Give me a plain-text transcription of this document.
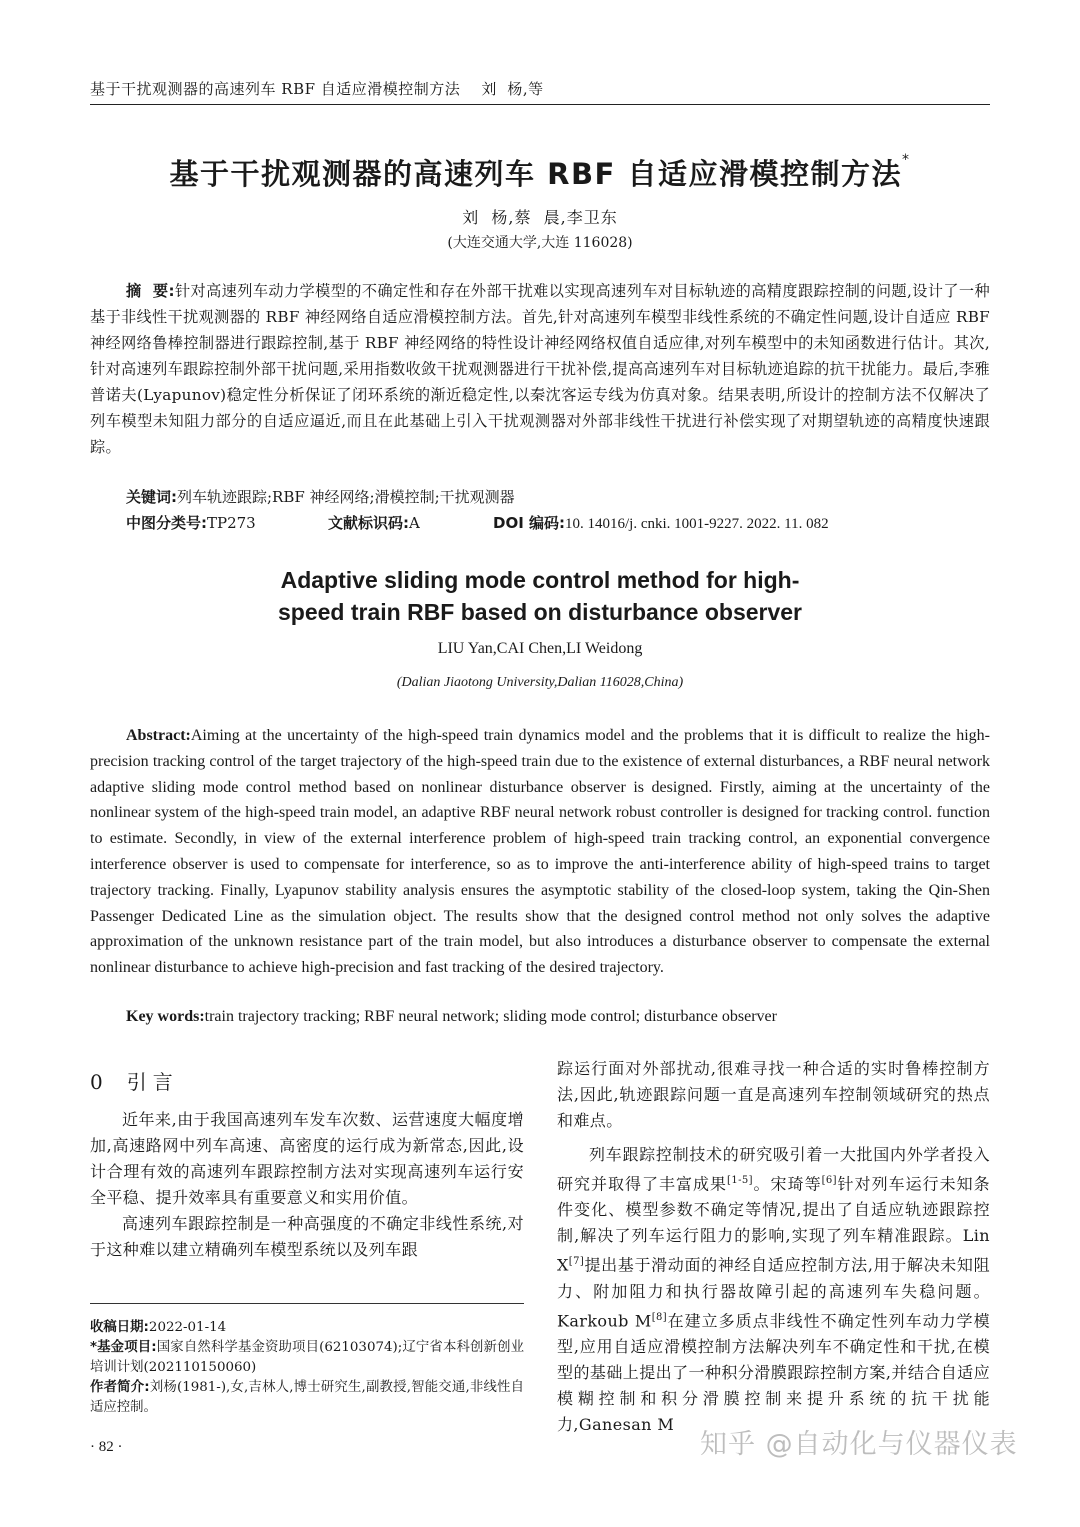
基于干扰观测器的高速列车 RBF 自适应滑模控制方法    刘  杨,等
基于干扰观测器的高速列车 RBF 自适应滑模控制方法*
刘  杨,蔡  晨,李卫东
(大连交通大学,大连 116028)
摘  要:针对高速列车动力学模型的不确定性和存在外部干扰难以实现高速列车对目标轨迹的高精度跟踪控制的问题,设计了一种基于非线性干扰观测器的 RBF 神经网络自适应滑模控制方法。首先,针对高速列车模型非线性系统的不确定性问题,设计自适应 RBF 神经网络鲁棒控制器进行跟踪控制,基于 RBF 神经网络的特性设计神经网络权值自适应律,对列车模型中的未知函数进行估计。其次,针对高速列车跟踪控制外部干扰问题,采用指数收敛干扰观测器进行干扰补偿,提高高速列车对目标轨迹追踪的抗干扰能力。最后,李雅普诺夫(Lyapunov)稳定性分析保证了闭环系统的渐近稳定性,以秦沈客运专线为仿真对象。结果表明,所设计的控制方法不仅解决了列车模型未知阻力部分的自适应逼近,而且在此基础上引入干扰观测器对外部非线性干扰进行补偿实现了对期望轨迹的高精度快速跟踪。
关键词:列车轨迹跟踪;RBF 神经网络;滑模控制;干扰观测器
中图分类号:TP273	文献标识码:A	DOI 编码:10. 14016/j. cnki. 1001-9227. 2022. 11. 082
Adaptive sliding mode control method for high-speed train RBF based on disturbance observer
LIU Yan,CAI Chen,LI Weidong
(Dalian Jiaotong University,Dalian 116028,China)
Abstract:Aiming at the uncertainty of the high-speed train dynamics model and the problems that it is difficult to realize the high-precision tracking control of the target trajectory of the high-speed train due to the existence of external disturbances, a RBF neural network adaptive sliding mode control method based on nonlinear disturbance observer is designed. Firstly, aiming at the uncertainty of the nonlinear system of the high-speed train model, an adaptive RBF neural network robust controller is designed for tracking control. function to estimate. Secondly, in view of the external interference problem of high-speed train tracking control, an exponential convergence interference observer is used to compensate for interference, so as to improve the anti-interference ability of high-speed trains to target trajectory tracking. Finally, Lyapunov stability analysis ensures the asymptotic stability of the closed-loop system, taking the Qin-Shen Passenger Dedicated Line as the simulation object. The results show that the designed control method not only solves the adaptive approximation of the unknown resistance part of the train model, but also introduces a disturbance observer to compensate the external nonlinear disturbance to achieve high-precision and fast tracking of the desired trajectory.
Key words:train trajectory tracking; RBF neural network; sliding mode control; disturbance observer
0 引言

近年来,由于我国高速列车发车次数、运营速度大幅度增加,高速路网中列车高速、高密度的运行成为新常态,因此,设计合理有效的高速列车跟踪控制方法对实现高速列车运行安全平稳、提升效率具有重要意义和实用价值。

高速列车跟踪控制是一种高强度的不确定非线性系统,对于这种难以建立精确列车模型系统以及列车跟

踪运行面对外部扰动,很难寻找一种合适的实时鲁棒控制方法,因此,轨迹跟踪问题一直是高速列车控制领域研究的热点和难点。

列车跟踪控制技术的研究吸引着一大批国内外学者投入研究并取得了丰富成果[1-5]。宋琦等[6]针对列车运行未知条件变化、模型参数不确定等情况,提出了自适应轨迹跟踪控制,解决了列车运行阻力的影响,实现了列车精准跟踪。Lin X[7]提出基于滑动面的神经自适应控制方法,用于解决未知阻力、附加阻力和执行器故障引起的高速列车失稳问题。Karkoub M[8]在建立多质点非线性不确定性列车动力学模型,应用自适应滑模控制方法解决列车不确定性和干扰,在模型的基础上提出了一种积分滑膜跟踪控制方案,并结合自适应模糊控制和积分滑膜控制来提升系统的抗干扰能力,Ganesan M

收稿日期:2022-01-14

*基金项目:国家自然科学基金资助项目(62103074);辽宁省本科创新创业培训计划(202110150060)

作者简介:刘杨(1981-),女,吉林人,博士研究生,副教授,智能交通,非线性自适应控制。

· 82 ·	知乎 @自动化与仪器仪表
